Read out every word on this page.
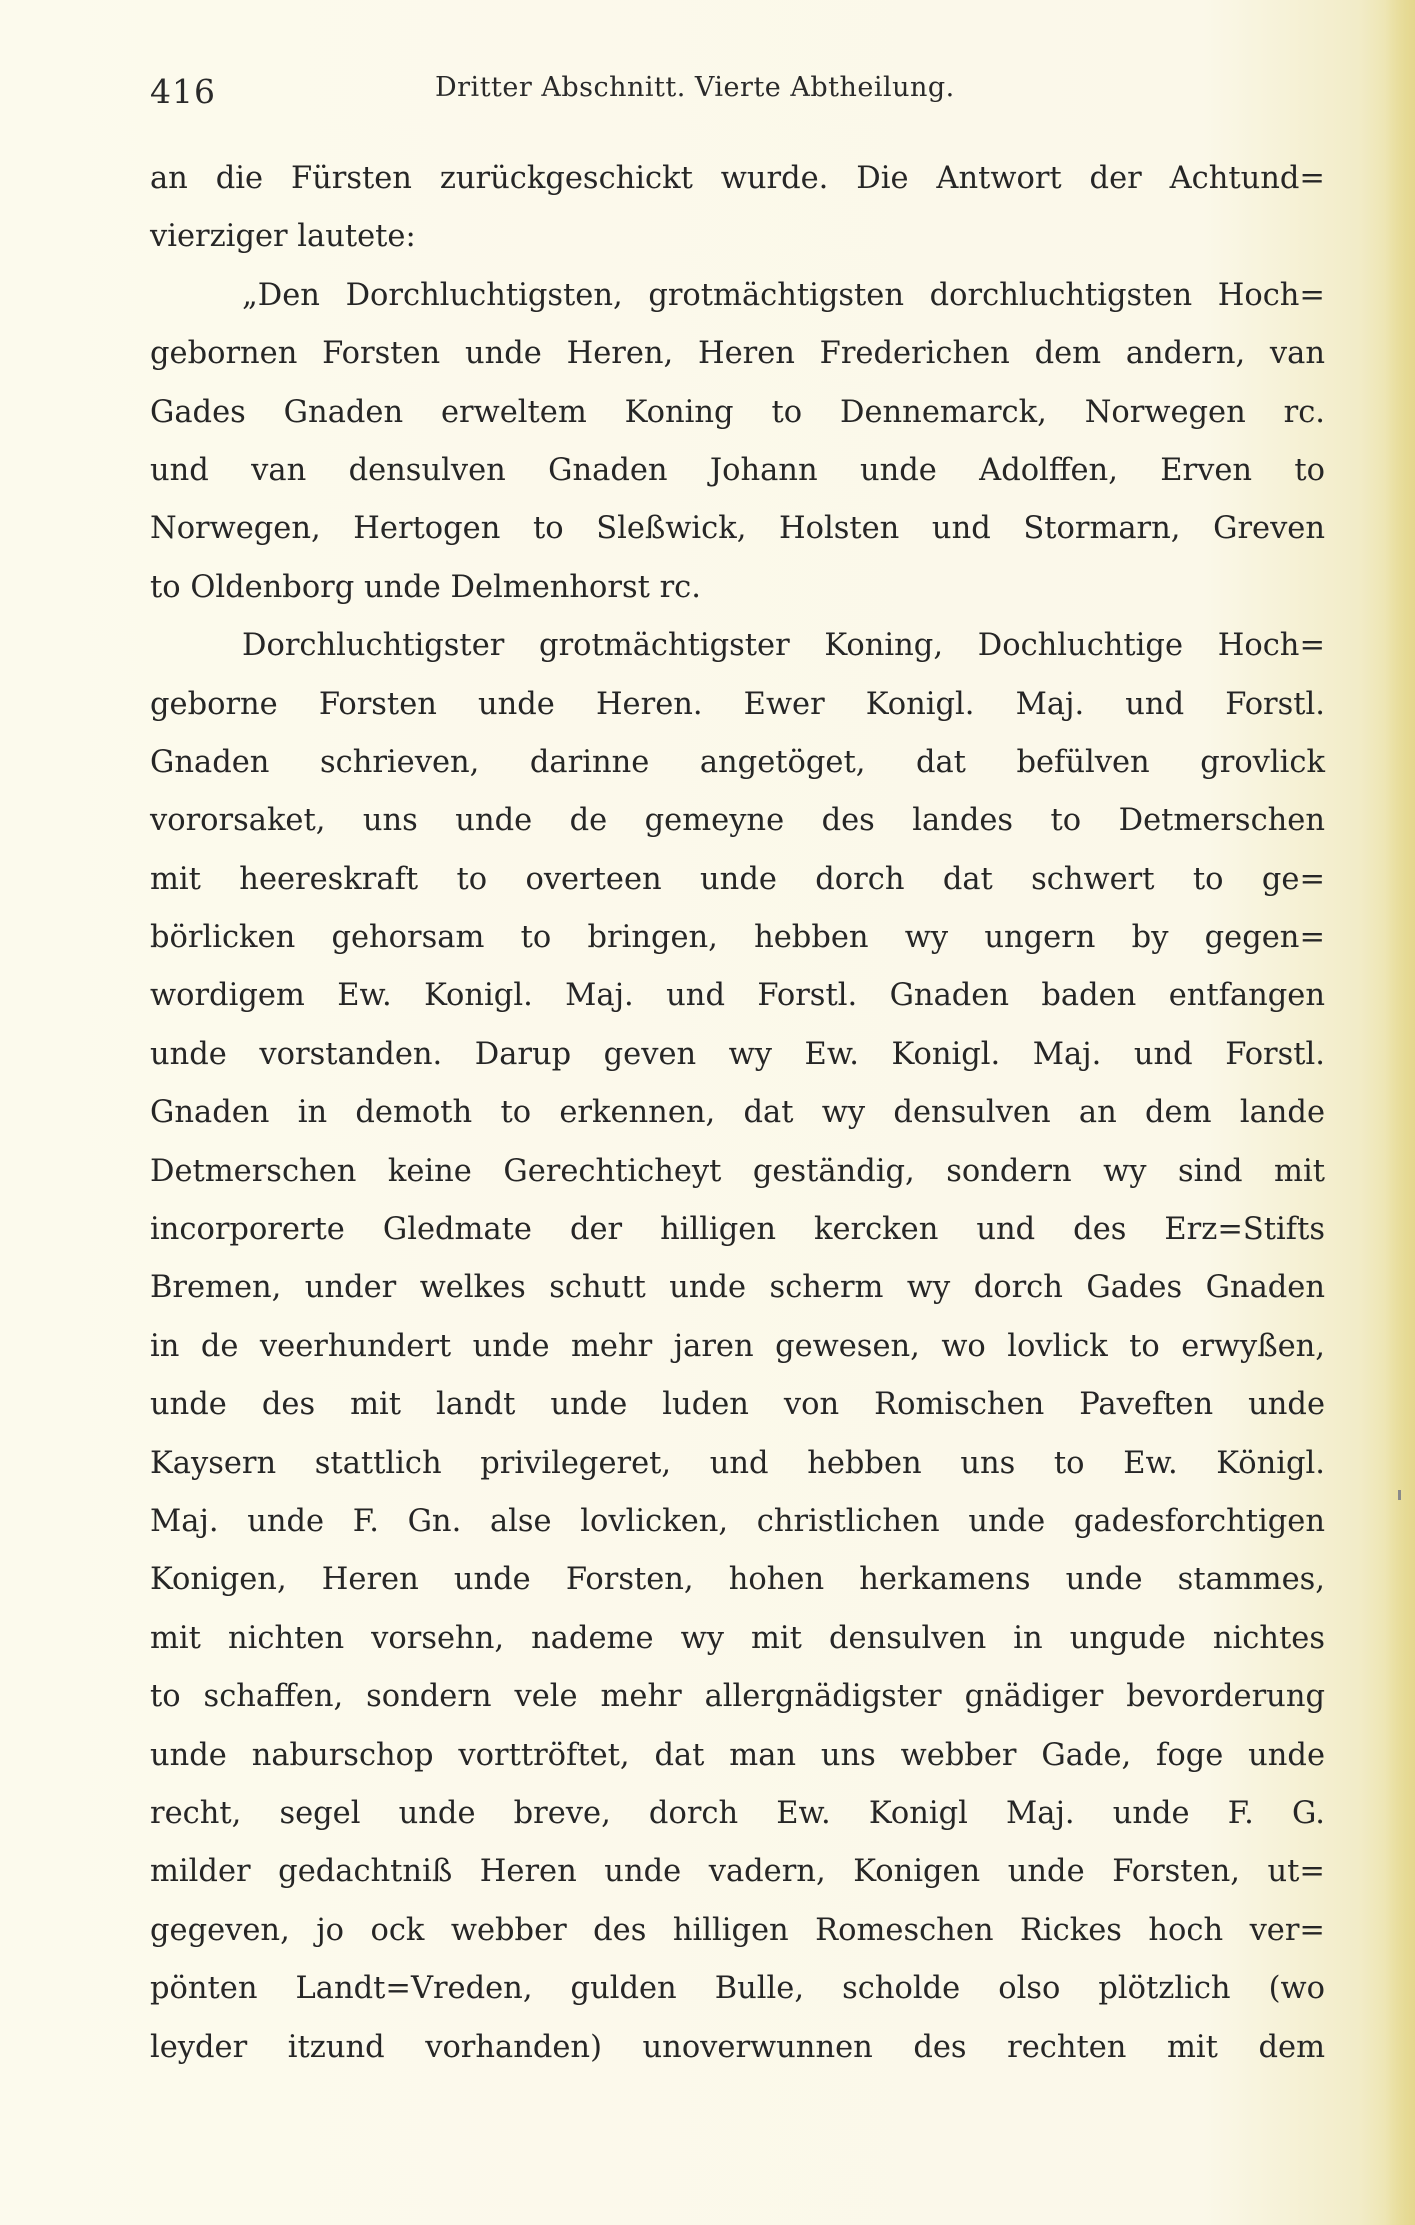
416	Dritter Abschnitt. Vierte Abtheilung.
an die Fürsten zurückgeschickt wurde. Die Antwort der Achtund=
vierziger lautete:
„Den Dorchluchtigsten, grotmächtigsten dorchluchtigsten Hoch=
gebornen Forsten unde Heren, Heren Frederichen dem andern, van
Gades Gnaden erweltem Koning to Dennemarck, Norwegen rc.
und van densulven Gnaden Johann unde Adolffen, Erven to
Norwegen, Hertogen to Sleßwick, Holsten und Stormarn, Greven
to Oldenborg unde Delmenhorst rc.
Dorchluchtigster grotmächtigster Koning, Dochluchtige Hoch=
geborne Forsten unde Heren. Ewer Konigl. Maj. und Forstl.
Gnaden schrieven, darinne angetöget, dat befülven grovlick
vororsaket, uns unde de gemeyne des landes to Detmerschen
mit heereskraft to overteen unde dorch dat schwert to ge=
börlicken gehorsam to bringen, hebben wy ungern by gegen=
wordigem Ew. Konigl. Maj. und Forstl. Gnaden baden entfangen
unde vorstanden. Darup geven wy Ew. Konigl. Maj. und Forstl.
Gnaden in demoth to erkennen, dat wy densulven an dem lande
Detmerschen keine Gerechticheyt geständig, sondern wy sind mit
incorporerte Gledmate der hilligen kercken und des Erz=Stifts
Bremen, under welkes schutt unde scherm wy dorch Gades Gnaden
in de veerhundert unde mehr jaren gewesen, wo lovlick to erwyßen,
unde des mit landt unde luden von Romischen Paveften unde
Kaysern stattlich privilegeret, und hebben uns to Ew. Königl.
Maj. unde F. Gn. alse lovlicken, christlichen unde gadesforchtigen
Konigen, Heren unde Forsten, hohen herkamens unde stammes,
mit nichten vorsehn, nademe wy mit densulven in ungude nichtes
to schaffen, sondern vele mehr allergnädigster gnädiger bevorderung
unde naburschop vorttröftet, dat man uns webber Gade, foge unde
recht, segel unde breve, dorch Ew. Konigl Maj. unde F. G.
milder gedachtniß Heren unde vadern, Konigen unde Forsten, ut=
gegeven, jo ock webber des hilligen Romeschen Rickes hoch ver=
pönten Landt=Vreden, gulden Bulle, scholde olso plötzlich (wo
leyder itzund vorhanden) unoverwunnen des rechten mit dem
